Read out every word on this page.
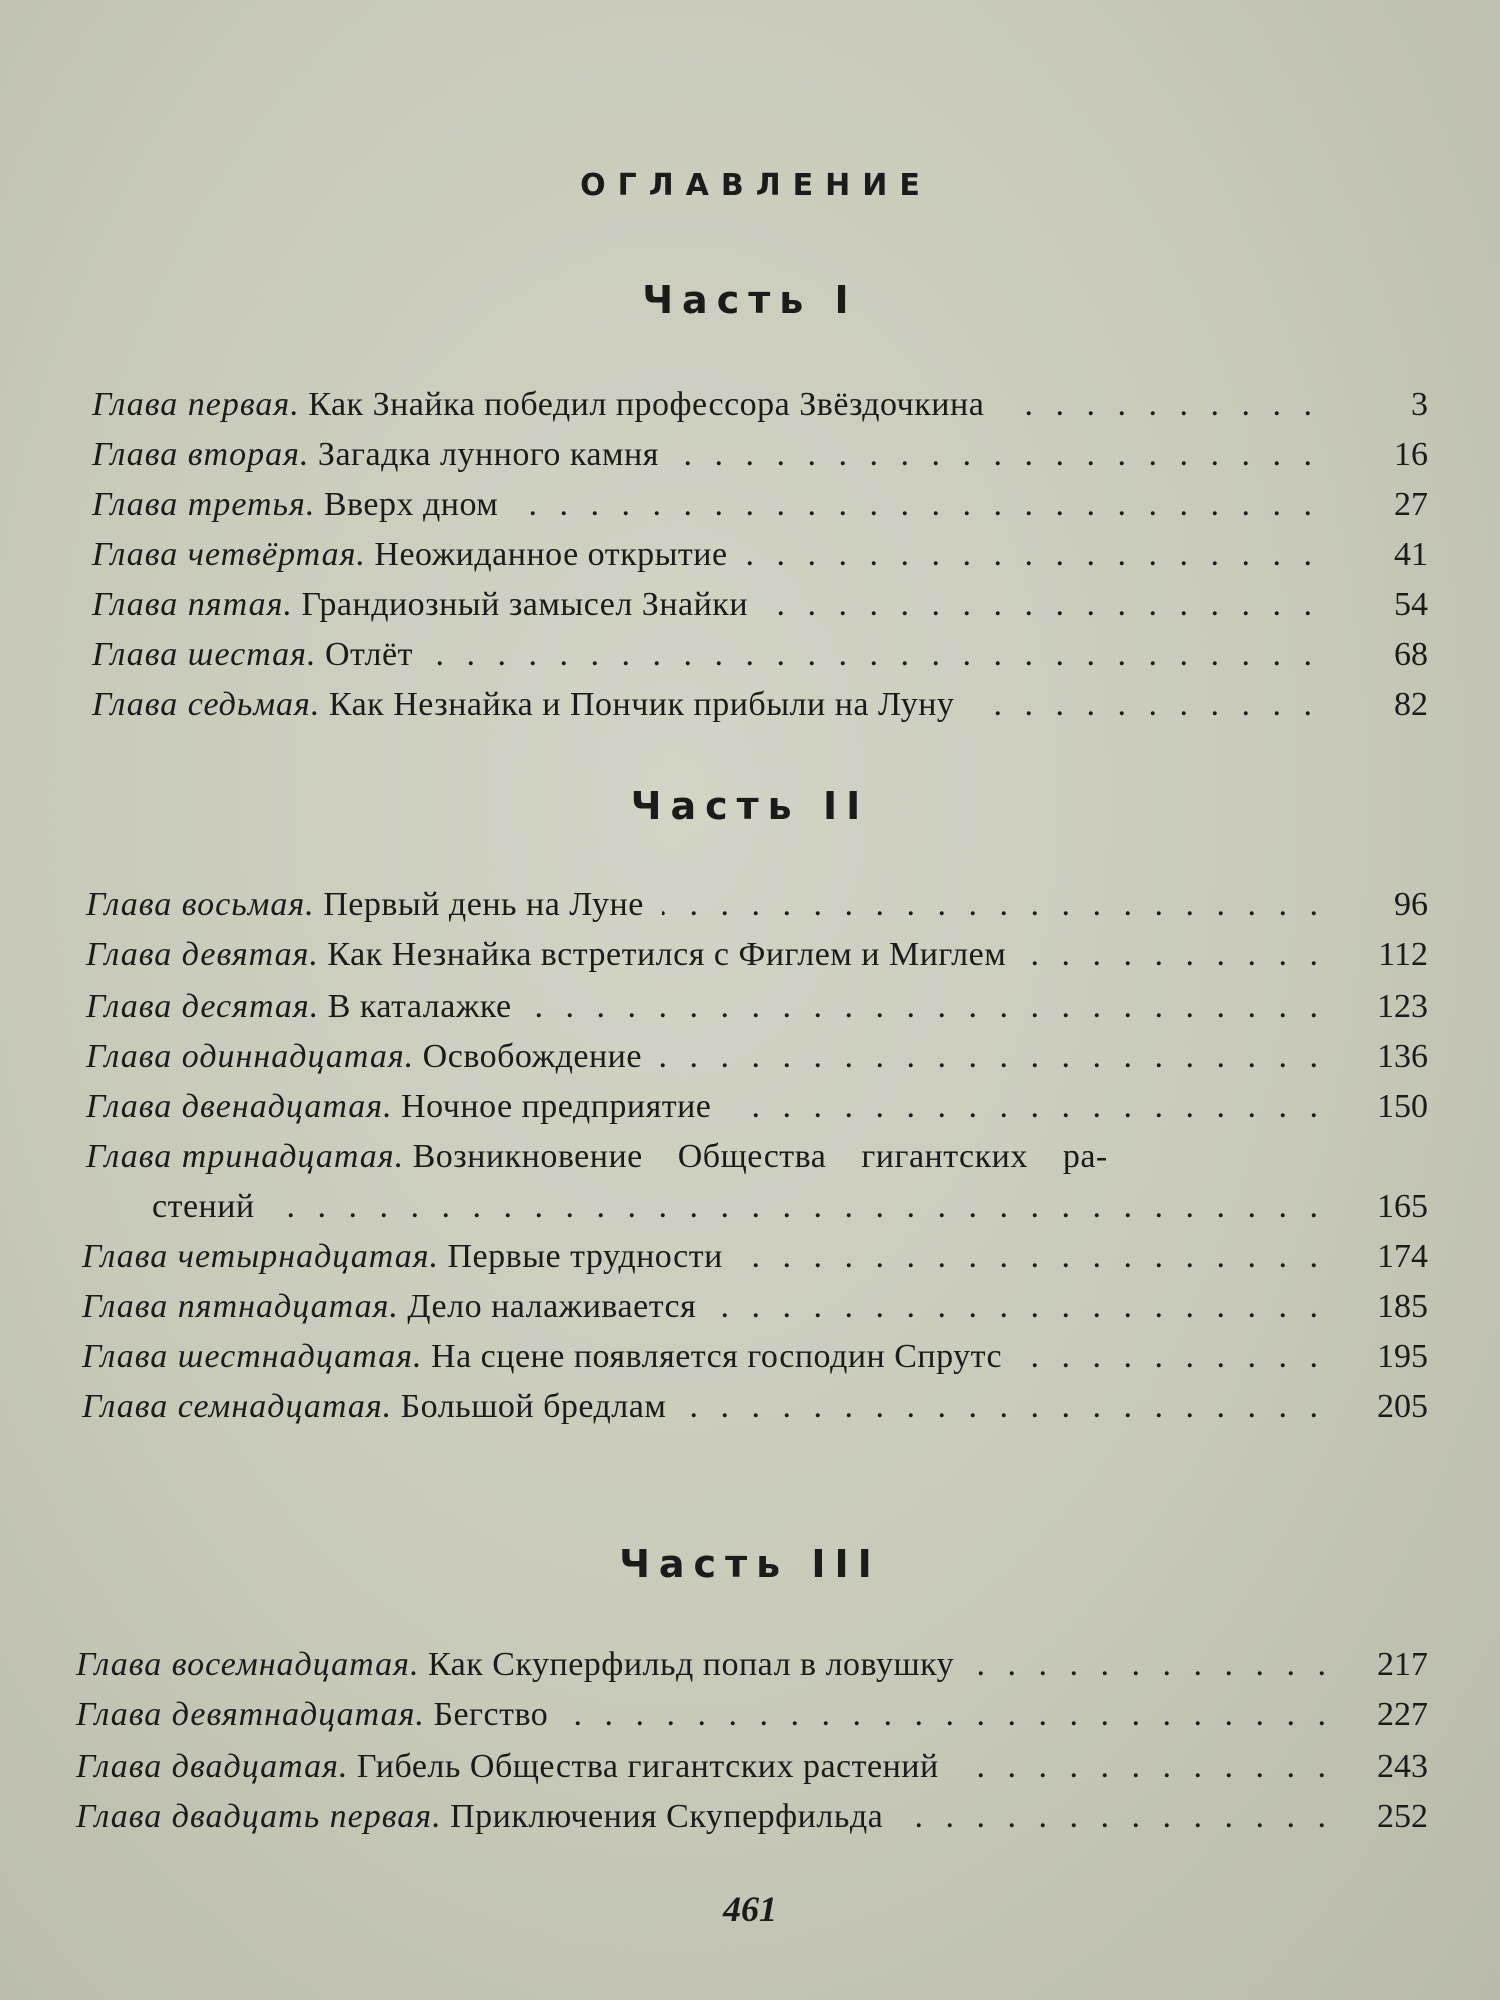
ОГЛАВЛЕНИЕ
Часть I
Глава первая. Как Знайка победил профессора Звёздочкина . . .	3
Глава вторая. Загадка лунного камня . . .	16
Глава третья. Вверх дном . . .	27
Глава четвёртая. Неожиданное открытие . . .	41
Глава пятая. Грандиозный замысел Знайки . . .	54
Глава шестая. Отлёт . . .	68
Глава седьмая. Как Незнайка и Пончик прибыли на Луну . . .	82
Часть II
Глава восьмая. Первый день на Луне . . .	96
Глава девятая. Как Незнайка встретился с Фиглем и Миглем . . .	112
Глава десятая. В каталажке . . .	123
Глава одиннадцатая. Освобождение . . .	136
Глава двенадцатая. Ночное предприятие . . .	150
Глава тринадцатая. Возникновение Общества гигантских ра-
стений . . .	165
Глава четырнадцатая. Первые трудности . . .	174
Глава пятнадцатая. Дело налаживается . . .	185
Глава шестнадцатая. На сцене появляется господин Спрутс . . .	195
Глава семнадцатая. Большой бредлам . . .	205
Часть III
Глава восемнадцатая. Как Скуперфильд попал в ловушку . . .	217
Глава девятнадцатая. Бегство . . .	227
Глава двадцатая. Гибель Общества гигантских растений . . .	243
Глава двадцать первая. Приключения Скуперфильда . . .	252
461
